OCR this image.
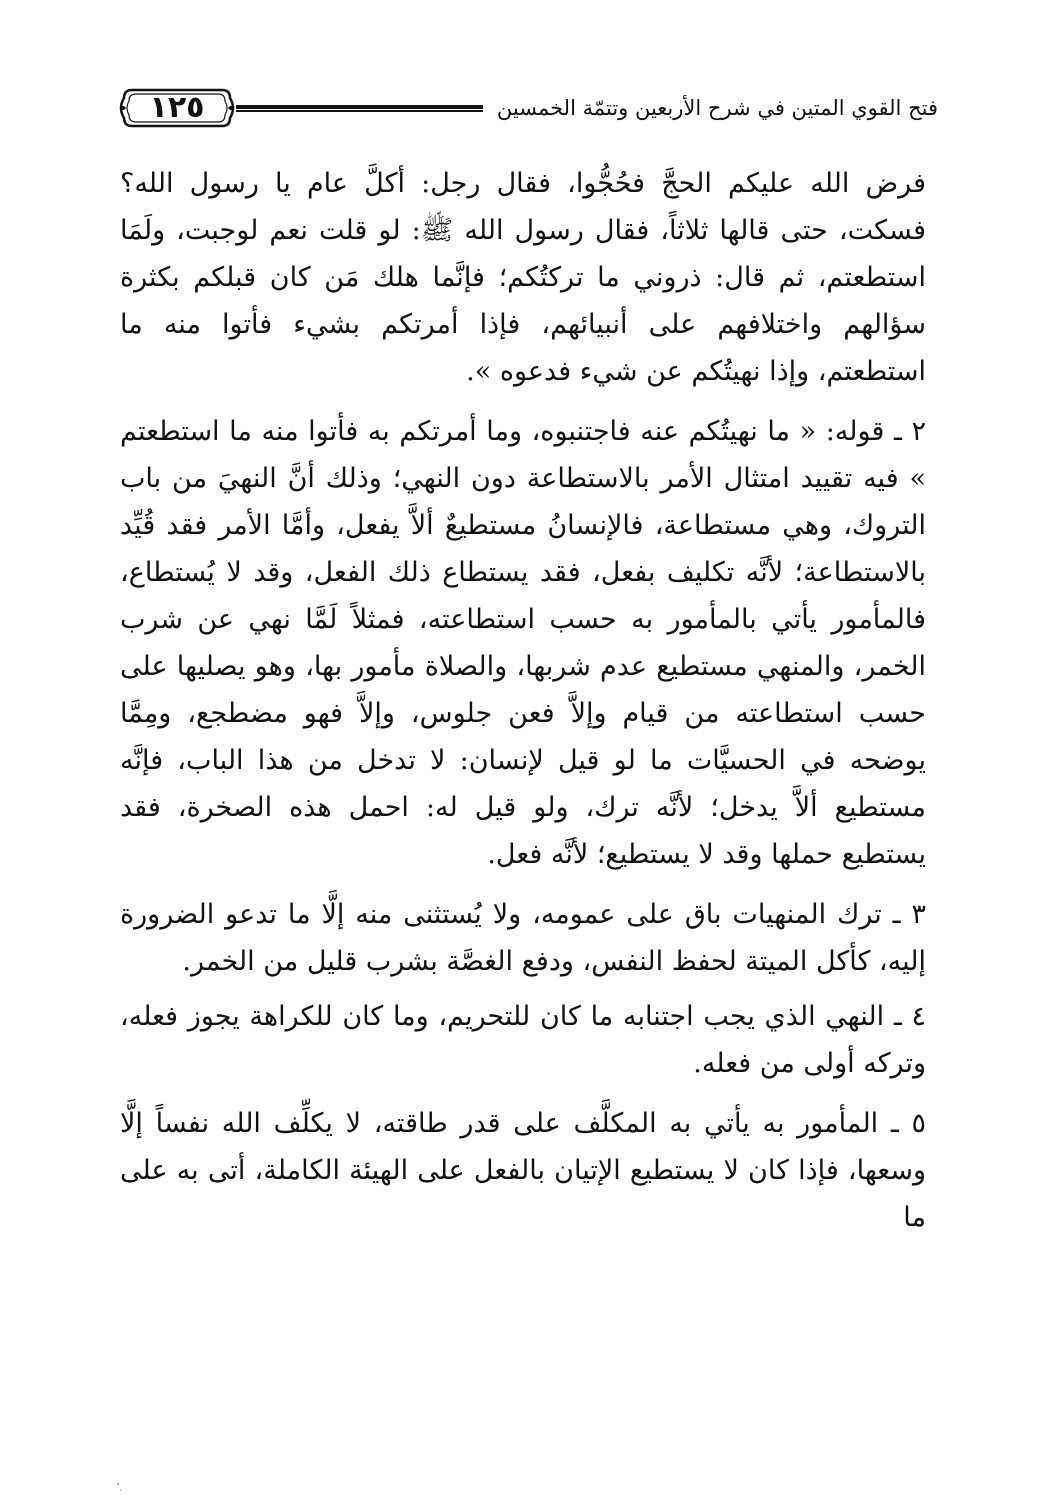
فتح القوي المتين في شرح الأربعين وتتمّة الخمسين
١٢٥

فرض الله عليكم الحجَّ فحُجُّوا، فقال رجل: أكلَّ عام يا رسول الله؟ فسكت، حتى قالها ثلاثاً، فقال رسول الله ﷺ: لو قلت نعم لوجبت، ولَمَا استطعتم، ثم قال: ذروني ما تركتُكم؛ فإنَّما هلك مَن كان قبلكم بكثرة سؤالهم واختلافهم على أنبيائهم، فإذا أمرتكم بشيء فأتوا منه ما استطعتم، وإذا نهيتُكم عن شيء فدعوه ».

٢ ـ قوله: « ما نهيتُكم عنه فاجتنبوه، وما أمرتكم به فأتوا منه ما استطعتم » فيه تقييد امتثال الأمر بالاستطاعة دون النهي؛ وذلك أنَّ النهيَ من باب التروك، وهي مستطاعة، فالإنسانُ مستطيعٌ ألاَّ يفعل، وأمَّا الأمر فقد قُيِّد بالاستطاعة؛ لأنَّه تكليف بفعل، فقد يستطاع ذلك الفعل، وقد لا يُستطاع، فالمأمور يأتي بالمأمور به حسب استطاعته، فمثلاً لَمَّا نهي عن شرب الخمر، والمنهي مستطيع عدم شربها، والصلاة مأمور بها، وهو يصليها على حسب استطاعته من قيام وإلاَّ فعن جلوس، وإلاَّ فهو مضطجع، ومِمَّا يوضحه في الحسيَّات ما لو قيل لإنسان: لا تدخل من هذا الباب، فإنَّه مستطيع ألاَّ يدخل؛ لأنَّه ترك، ولو قيل له: احمل هذه الصخرة، فقد يستطيع حملها وقد لا يستطيع؛ لأنَّه فعل.

٣ ـ ترك المنهيات باق على عمومه، ولا يُستثنى منه إلَّا ما تدعو الضرورة إليه، كأكل الميتة لحفظ النفس، ودفع الغصَّة بشرب قليل من الخمر.

٤ ـ النهي الذي يجب اجتنابه ما كان للتحريم، وما كان للكراهة يجوز فعله، وتركه أولى من فعله.

٥ ـ المأمور به يأتي به المكلَّف على قدر طاقته، لا يكلِّف الله نفساً إلَّا وسعها، فإذا كان لا يستطيع الإتيان بالفعل على الهيئة الكاملة، أتى به على ما
